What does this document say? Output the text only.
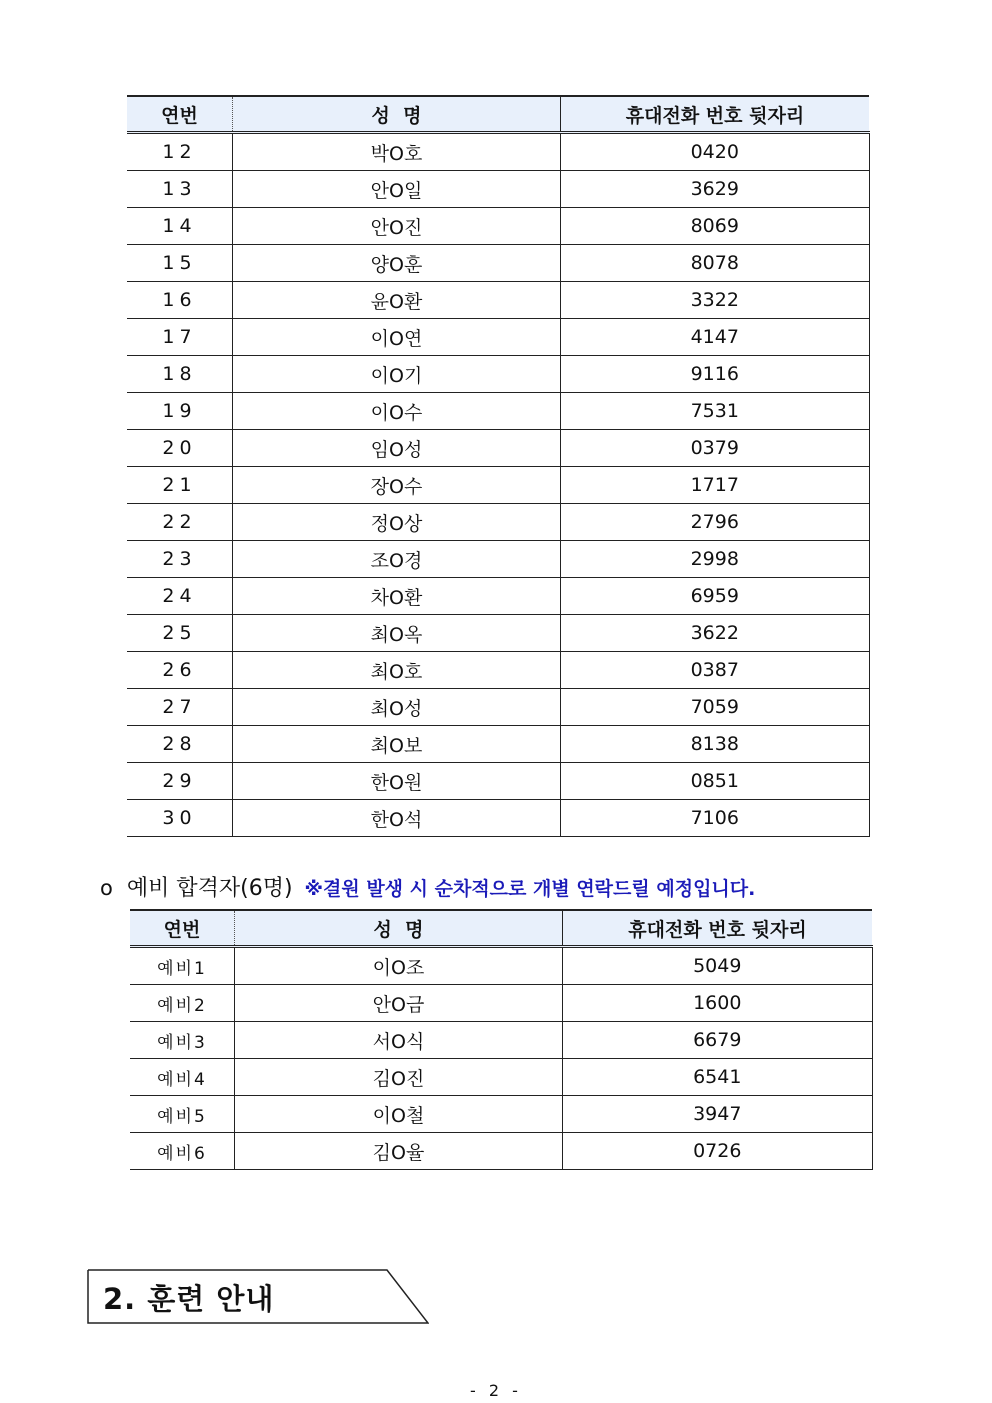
연번	성  명	휴대전화 번호 뒷자리
12	박O호	0420
13	안O일	3629
14	안O진	8069
15	양O훈	8078
16	윤O환	3322
17	이O연	4147
18	이O기	9116
19	이O수	7531
20	임O성	0379
21	장O수	1717
22	정O상	2796
23	조O경	2998
24	차O환	6959
25	최O옥	3622
26	최O호	0387
27	최O성	7059
28	최O보	8138
29	한O원	0851
30	한O석	7106
o 예비 합격자(6명) ※결원 발생 시 순차적으로 개별 연락드릴 예정입니다.
연번	성  명	휴대전화 번호 뒷자리
예비1	이O조	5049
예비2	안O금	1600
예비3	서O식	6679
예비4	김O진	6541
예비5	이O철	3947
예비6	김O율	0726
2. 훈련 안내
- 2 -
